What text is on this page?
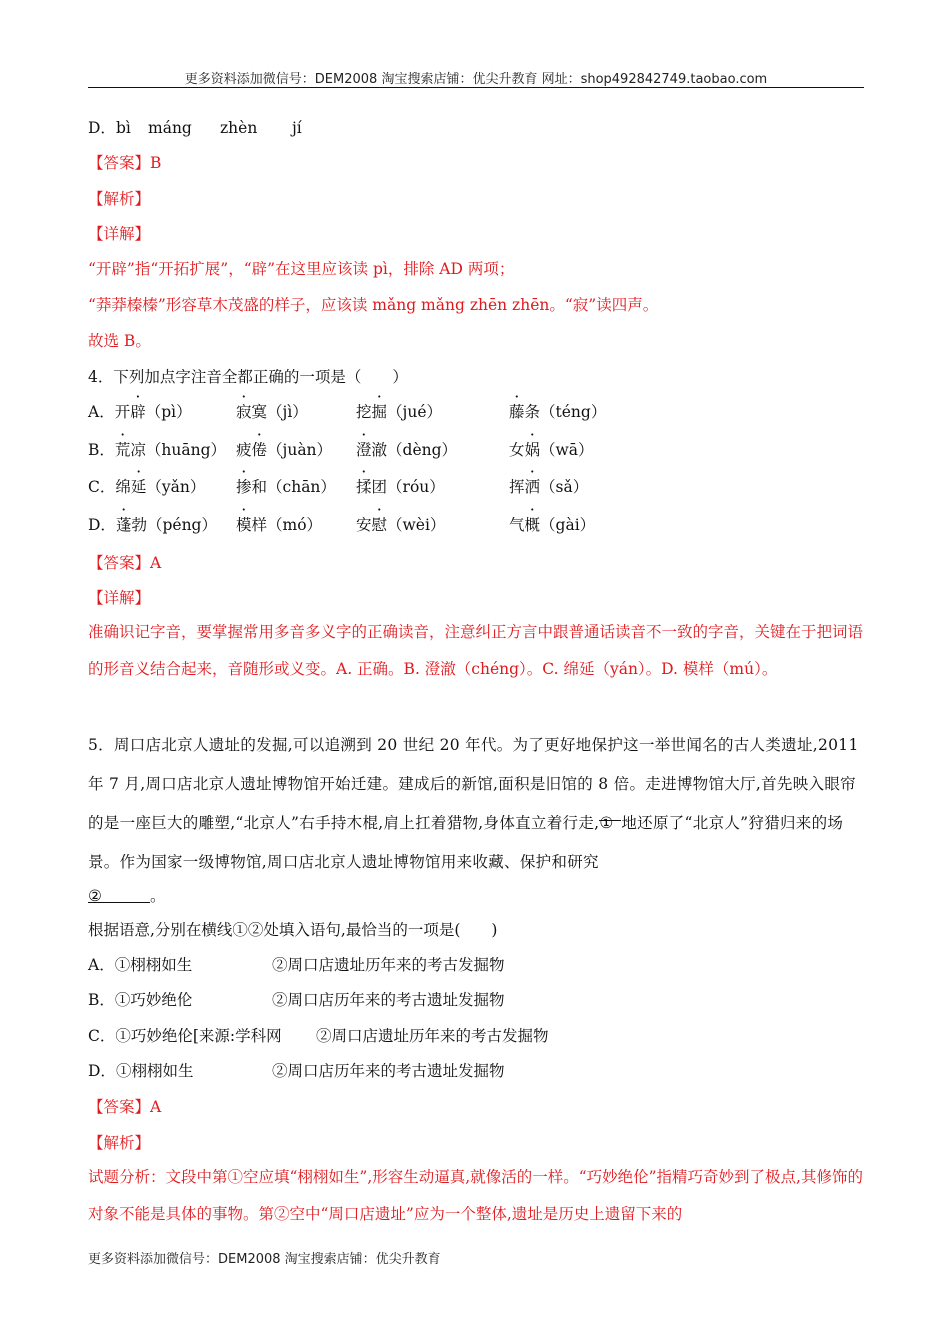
更多资料添加微信号：DEM2008 淘宝搜索店铺：优尖升教育 网址：shop492842749.taobao.com
D．bì máng zhèn jí
【答案】B
【解析】
【详解】
“开辟”指“开拓扩展”，“辟”在这里应该读 pì，排除 AD 两项；
“莽莽榛榛”形容草木茂盛的样子，应该读 mǎng mǎng zhēn zhēn。“寂”读四声。
故选 B。
4．下列加点字注音全都正确的一项是（　　）
A．开辟（pì）	寂寞（jì）	挖掘（jué）	藤条（téng）
B．荒凉（huāng） 疲倦（juàn） 澄澈（dèng）	女娲（wā）
C．绵延（yǎn） 掺和（chān） 揉团（róu）	挥洒（sǎ）
D．蓬勃（péng） 模样（mó） 安慰（wèi）	气概（gài）
【答案】A
【详解】
准确识记字音，要掌握常用多音多义字的正确读音，注意纠正方言中跟普通话读音不一致的字音，关键在于把词语的形音义结合起来，音随形或义变。A. 正确。B. 澄澈（chéng）。C. 绵延（yán）。D. 模样（mú）。
5．周口店北京人遗址的发掘,可以追溯到 20 世纪 20 年代。为了更好地保护这一举世闻名的古人类遗址,2011 年 7 月,周口店北京人遗址博物馆开始迁建。建成后的新馆,面积是旧馆的 8 倍。走进博物馆大厅,首先映入眼帘的是一座巨大的雕塑,“北京人”右手持木棍,肩上扛着猎物,身体直立着行走,① 地还原了“北京人”狩猎归来的场景。作为国家一级博物馆,周口店北京人遗址博物馆用来收藏、保护和研究
②	。
根据语意,分别在横线①②处填入语句,最恰当的一项是(　　)
A．①栩栩如生	②周口店遗址历年来的考古发掘物
B．①巧妙绝伦	②周口店历年来的考古遗址发掘物
C．①巧妙绝伦[来源:学科网 ②周口店遗址历年来的考古发掘物
D．①栩栩如生	②周口店历年来的考古遗址发掘物
【答案】A
【解析】
试题分析：文段中第①空应填“栩栩如生”,形容生动逼真,就像活的一样。“巧妙绝伦”指精巧奇妙到了极点,其修饰的对象不能是具体的事物。第②空中“周口店遗址”应为一个整体,遗址是历史上遗留下来的
更多资料添加微信号：DEM2008 淘宝搜索店铺：优尖升教育
